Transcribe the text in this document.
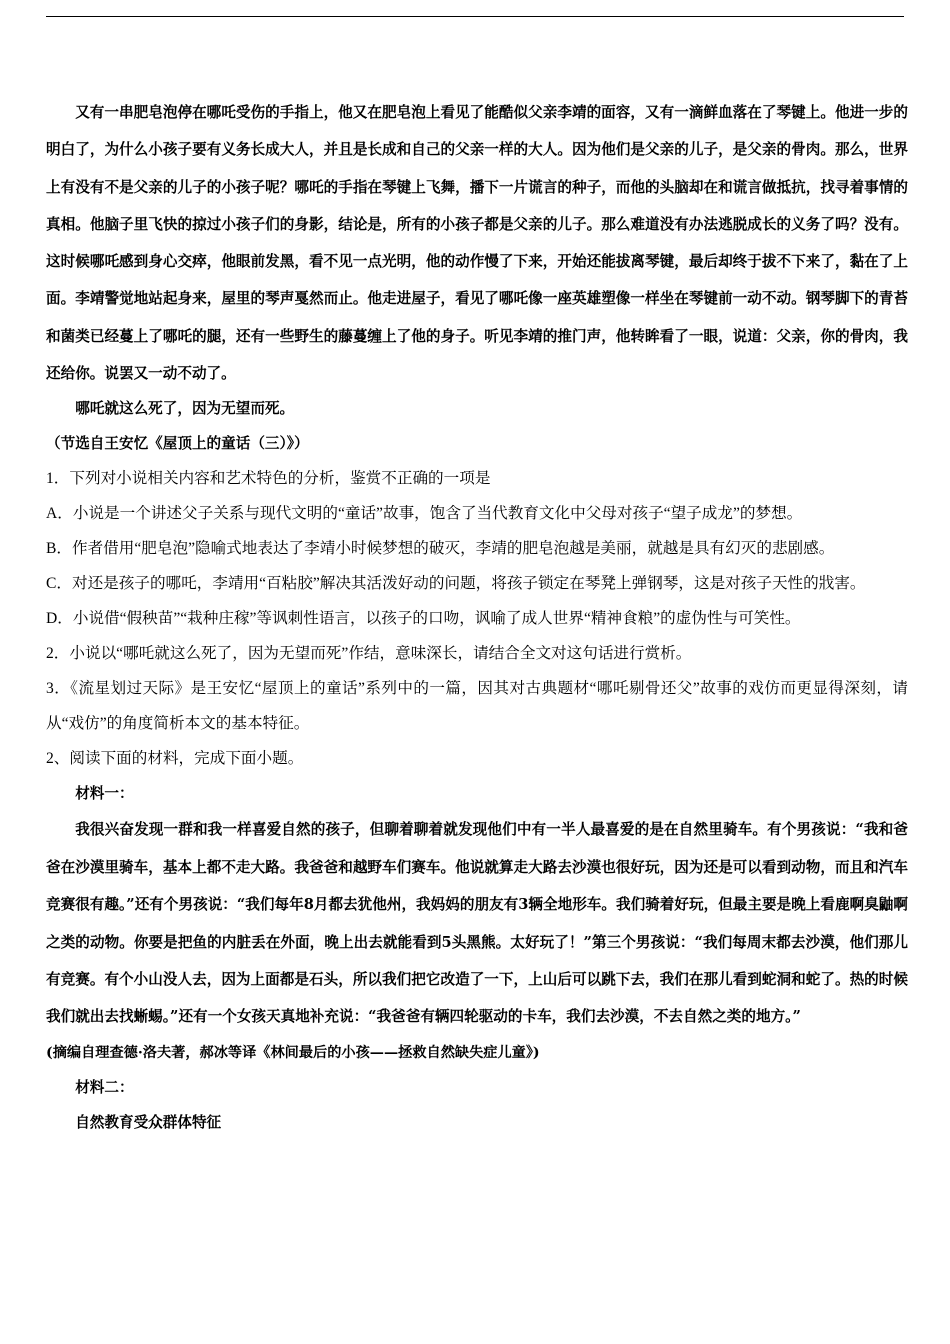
又有一串肥皂泡停在哪吒受伤的手指上，他又在肥皂泡上看见了能酷似父亲李靖的面容，又有一滴鲜血落在了琴键上。他进一步的明白了，为什么小孩子要有义务长成大人，并且是长成和自己的父亲一样的大人。因为他们是父亲的儿子，是父亲的骨肉。那么，世界上有没有不是父亲的儿子的小孩子呢？哪吒的手指在琴键上飞舞，播下一片谎言的种子，而他的头脑却在和谎言做抵抗，找寻着事情的真相。他脑子里飞快的掠过小孩子们的身影，结论是，所有的小孩子都是父亲的儿子。那么难道没有办法逃脱成长的义务了吗？没有。这时候哪吒感到身心交瘁，他眼前发黑，看不见一点光明，他的动作慢了下来，开始还能拔离琴键，最后却终于拔不下来了，黏在了上面。李靖警觉地站起身来，屋里的琴声戛然而止。他走进屋子，看见了哪吒像一座英雄塑像一样坐在琴键前一动不动。钢琴脚下的青苔和菌类已经蔓上了哪吒的腿，还有一些野生的藤蔓缠上了他的身子。听见李靖的推门声，他转眸看了一眼，说道：父亲，你的骨肉，我还给你。说罢又一动不动了。

哪吒就这么死了，因为无望而死。

（节选自王安忆《屋顶上的童话（三）》）

1．下列对小说相关内容和艺术特色的分析，鉴赏不正确的一项是

A．小说是一个讲述父子关系与现代文明的“童话”故事，饱含了当代教育文化中父母对孩子“望子成龙”的梦想。

B．作者借用“肥皂泡”隐喻式地表达了李靖小时候梦想的破灭，李靖的肥皂泡越是美丽，就越是具有幻灭的悲剧感。

C．对还是孩子的哪吒，李靖用“百粘胶”解决其活泼好动的问题，将孩子锁定在琴凳上弹钢琴，这是对孩子天性的戕害。

D．小说借“假秧苗”“栽种庄稼”等讽刺性语言，以孩子的口吻，讽喻了成人世界“精神食粮”的虚伪性与可笑性。

2．小说以“哪吒就这么死了，因为无望而死”作结，意味深长，请结合全文对这句话进行赏析。

3．《流星划过天际》是王安忆“屋顶上的童话”系列中的一篇，因其对古典题材“哪吒剔骨还父”故事的戏仿而更显得深刻，请从“戏仿”的角度简析本文的基本特征。

2、阅读下面的材料，完成下面小题。

材料一：

我很兴奋发现一群和我一样喜爱自然的孩子，但聊着聊着就发现他们中有一半人最喜爱的是在自然里骑车。有个男孩说：“我和爸爸在沙漠里骑车，基本上都不走大路。我爸爸和越野车们赛车。他说就算走大路去沙漠也很好玩，因为还是可以看到动物，而且和汽车竞赛很有趣。”还有个男孩说：“我们每年8月都去犹他州，我妈妈的朋友有3辆全地形车。我们骑着好玩，但最主要是晚上看鹿啊臭鼬啊之类的动物。你要是把鱼的内脏丢在外面，晚上出去就能看到5头黑熊。太好玩了！”第三个男孩说：“我们每周末都去沙漠，他们那儿有竞赛。有个小山没人去，因为上面都是石头，所以我们把它改造了一下，上山后可以跳下去，我们在那儿看到蛇洞和蛇了。热的时候我们就出去找蜥蜴。”还有一个女孩天真地补充说：“我爸爸有辆四轮驱动的卡车，我们去沙漠，不去自然之类的地方。”

(摘编自理查德·洛夫著，郝冰等译《林间最后的小孩——拯救自然缺失症儿童》)

材料二：

自然教育受众群体特征
